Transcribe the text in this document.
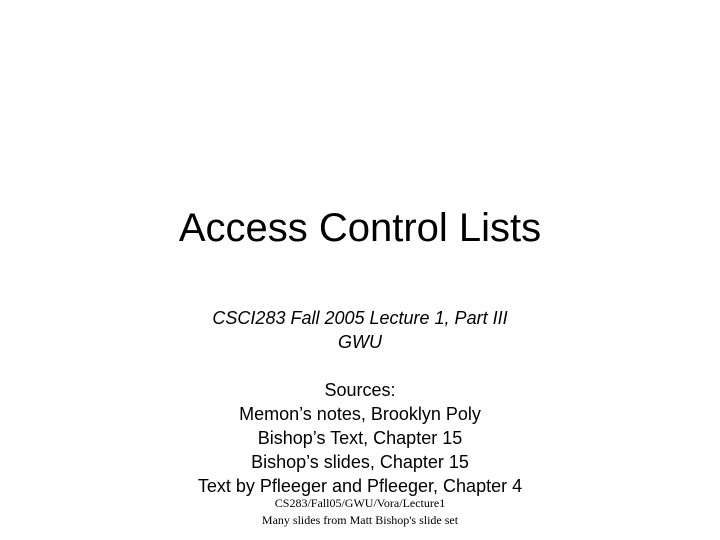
Access Control Lists
CSCI283 Fall 2005 Lecture 1, Part III
GWU
Sources:
Memon’s notes, Brooklyn Poly
Bishop’s Text, Chapter 15
Bishop’s slides, Chapter 15
Text by Pfleeger and Pfleeger, Chapter 4
CS283/Fall05/GWU/Vora/Lecture1
Many slides from Matt Bishop's slide set
